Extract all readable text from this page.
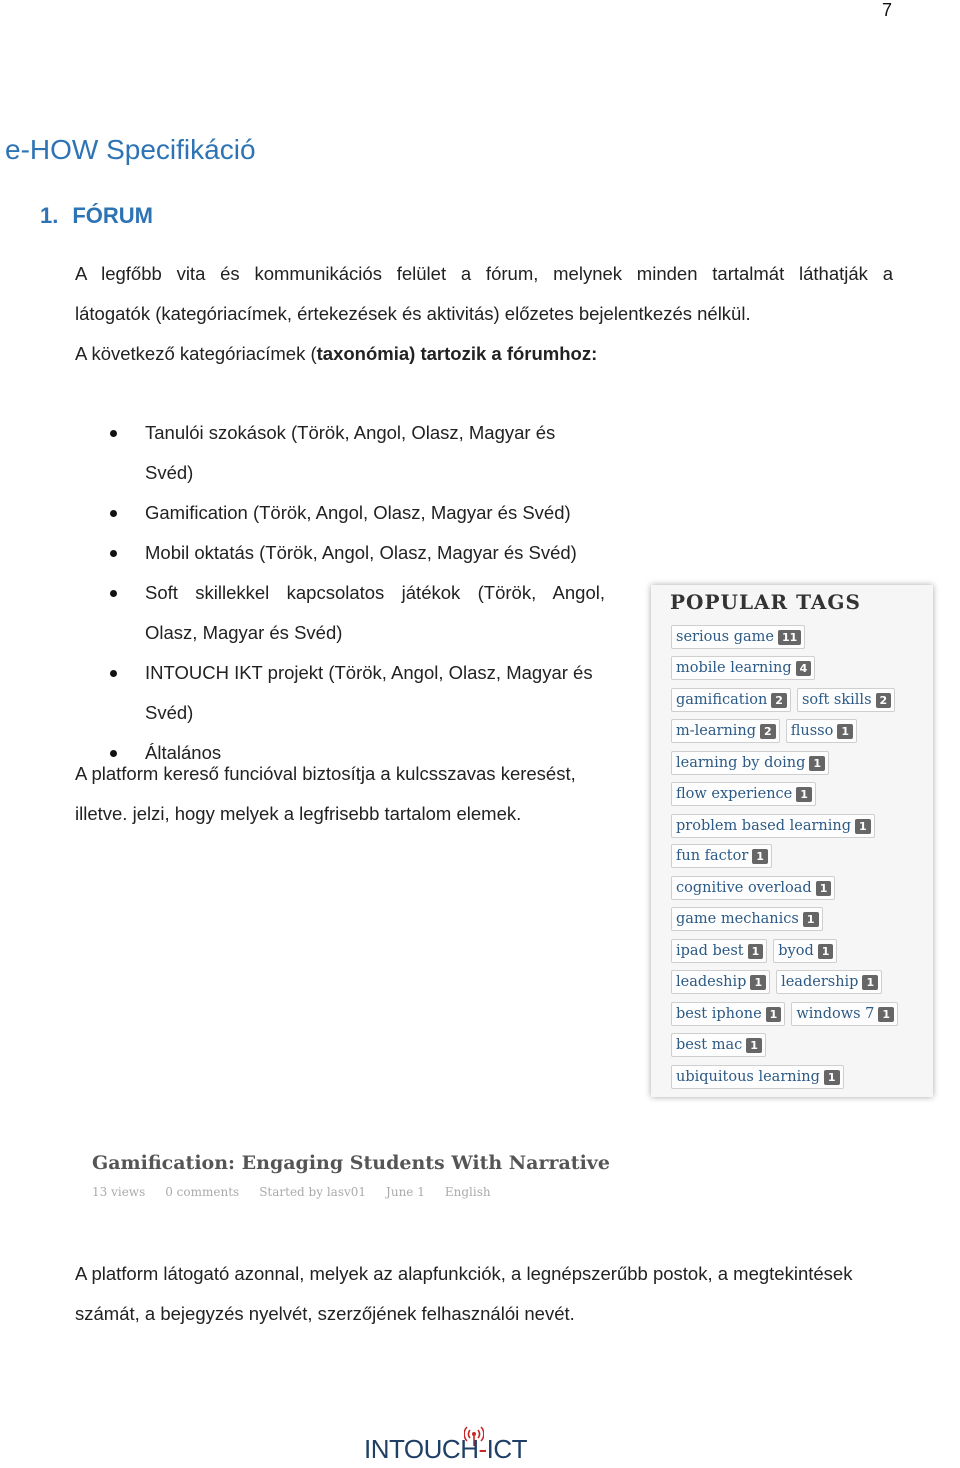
7
e-HOW Specifikáció
1. FÓRUM

A legfőbb vita és kommunikációs felület a fórum, melynek minden tartalmát láthatják a

látogatók (kategóriacímek, értekezések és aktivitás) előzetes bejelentkezés nélkül.

A következő kategóriacímek (taxonómia) tartozik a fórumhoz:

Tanulói szokások (Török, Angol, Olasz, Magyar és Svéd)
Gamification (Török, Angol, Olasz, Magyar és Svéd)
Mobil oktatás (Török, Angol, Olasz, Magyar és Svéd)
Soft skillekkel kapcsolatos játékok (Török, Angol,
Olasz, Magyar és Svéd)
INTOUCH IKT projekt (Török, Angol, Olasz, Magyar és
Svéd)
Általános

A platform kereső funcióval biztosítja a kulcsszavas keresést,

illetve. jelzi, hogy melyek a legfrisebb tartalom elemek.

POPULAR TAGS
serious game 11
mobile learning 4
gamification 2 soft skills 2
m-learning 2 flusso 1
learning by doing 1
flow experience 1
problem based learning 1
fun factor 1
cognitive overload 1
game mechanics 1
ipad best 1 byod 1
leadeship 1 leadership 1
best iphone 1 windows 7 1
best mac 1
ubiquitous learning 1
Gamification: Engaging Students With Narrative
13 views 0 comments Started by lasv01 June 1 English

A platform látogató azonnal, melyek az alapfunkciók, a legnépszerűbb postok, a megtekintések

számát, a bejegyzés nyelvét, szerzőjének felhasználói nevét.

INTOUCH-ICT
